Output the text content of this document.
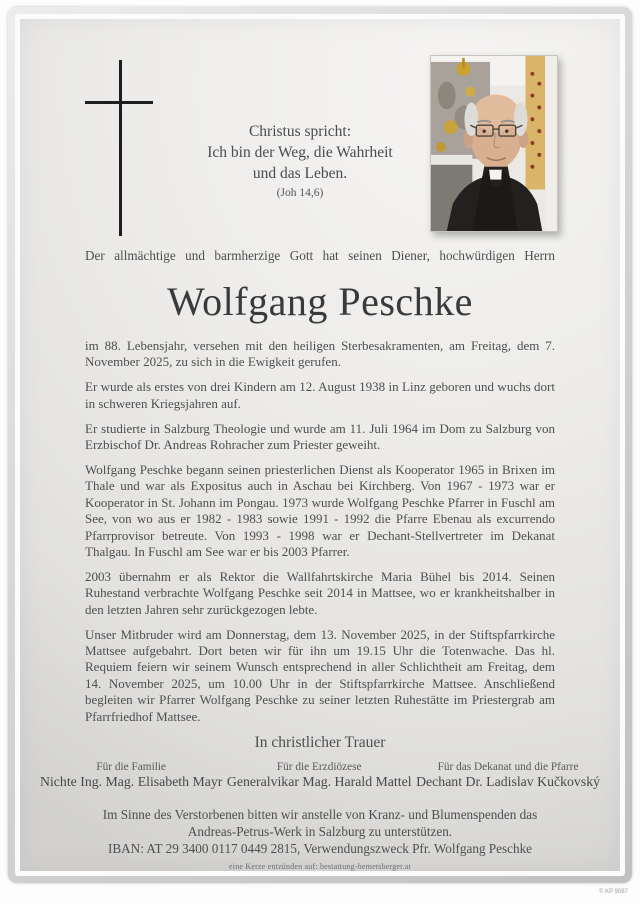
Christus spricht:
Ich bin der Weg, die Wahrheit
und das Leben.
(Joh 14,6)

Der allmächtige und barmherzige Gott hat seinen Diener, hochwürdigen Herrn

Wolfgang Peschke

im 88. Lebensjahr, versehen mit den heiligen Sterbesakramenten, am Freitag, dem 7. November 2025, zu sich in die Ewigkeit gerufen.

Er wurde als erstes von drei Kindern am 12. August 1938 in Linz geboren und wuchs dort in schweren Kriegsjahren auf.

Er studierte in Salzburg Theologie und wurde am 11. Juli 1964 im Dom zu Salzburg von Erzbischof Dr. Andreas Rohracher zum Priester geweiht.

Wolfgang Peschke begann seinen priesterlichen Dienst als Kooperator 1965 in Brixen im Thale und war als Expositus auch in Aschau bei Kirchberg. Von 1967 - 1973 war er Kooperator in St. Johann im Pongau. 1973 wurde Wolfgang Peschke Pfarrer in Fuschl am See, von wo aus er 1982 - 1983 sowie 1991 - 1992 die Pfarre Ebenau als excurrendo Pfarrprovisor betreute. Von 1993 - 1998 war er Dechant-Stellvertreter im Dekanat Thalgau. In Fuschl am See war er bis 2003 Pfarrer.

2003 übernahm er als Rektor die Wallfahrtskirche Maria Bühel bis 2014. Seinen Ruhestand verbrachte Wolfgang Peschke seit 2014 in Mattsee, wo er krankheitshalber in den letzten Jahren sehr zurückgezogen lebte.

Unser Mitbruder wird am Donnerstag, dem 13. November 2025, in der Stiftspfarrkirche Mattsee aufgebahrt. Dort beten wir für ihn um 19.15 Uhr die Totenwache. Das hl. Requiem feiern wir seinem Wunsch entsprechend in aller Schlichtheit am Freitag, dem 14. November 2025, um 10.00 Uhr in der Stiftspfarrkirche Mattsee. Anschließend begleiten wir Pfarrer Wolfgang Peschke zu seiner letzten Ruhestätte im Priestergrab am Pfarrfriedhof Mattsee.

In christlicher Trauer
Für die Familie
Nichte Ing. Mag. Elisabeth Mayr
Für die Erzdiözese
Generalvikar Mag. Harald Mattel
Für das Dekanat und die Pfarre
Dechant Dr. Ladislav Kučkovský
Im Sinne des Verstorbenen bitten wir anstelle von Kranz- und Blumenspenden das
Andreas-Petrus-Werk in Salzburg zu unterstützen.
IBAN: AT 29 3400 0117 0449 2815, Verwendungszweck Pfr. Wolfgang Peschke
eine Kerze entzünden auf: bestattung-hemetsberger.at
© KP 9087
